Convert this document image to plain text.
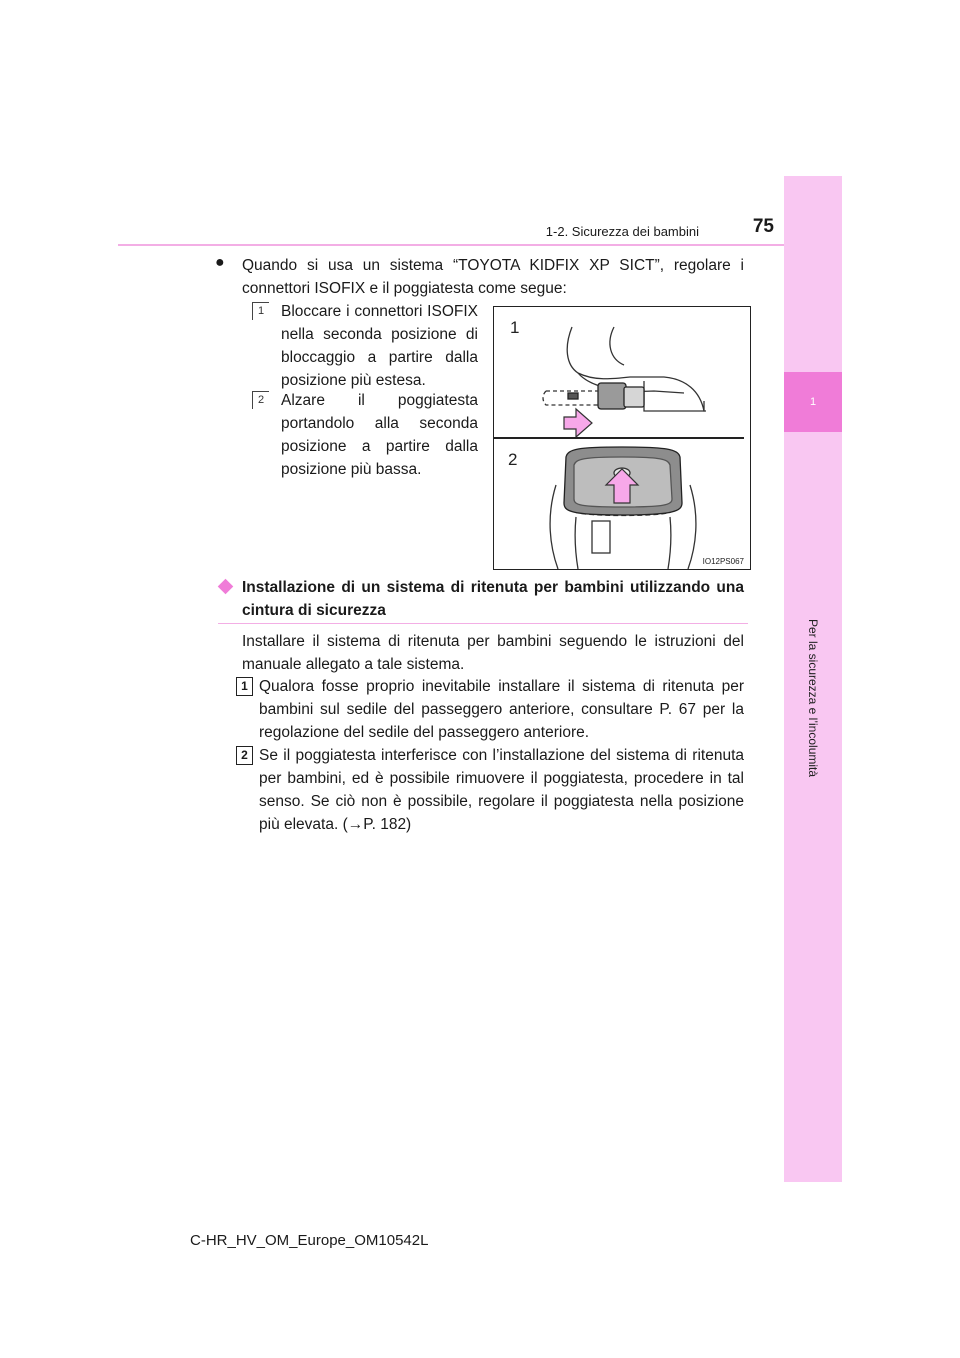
1
Per la sicurezza e l’incolumità
1-2. Sicurezza dei bambini	75
● Quando si usa un sistema “TOYOTA KIDFIX XP SICT”, regolare i connettori ISOFIX e il poggiatesta come segue:
1	Bloccare i connettori ISOFIX nella seconda posizione di bloccaggio a partire dalla posizione più estesa.
2	Alzare il poggiatesta portandolo alla seconda posizione a partire dalla posizione più bassa.
1
2
IO12PS067
Installazione di un sistema di ritenuta per bambini utilizzando una cintura di sicurezza
Installare il sistema di ritenuta per bambini seguendo le istruzioni del manuale allegato a tale sistema.
1 Qualora fosse proprio inevitabile installare il sistema di ritenuta per bambini sul sedile del passeggero anteriore, consultare P. 67 per la regolazione del sedile del passeggero anteriore.
2 Se il poggiatesta interferisce con l’installazione del sistema di ritenuta per bambini, ed è possibile rimuovere il poggiatesta, procedere in tal senso. Se ciò non è possibile, regolare il poggiatesta nella posizione più elevata. (→P. 182)
C-HR_HV_OM_Europe_OM10542L
